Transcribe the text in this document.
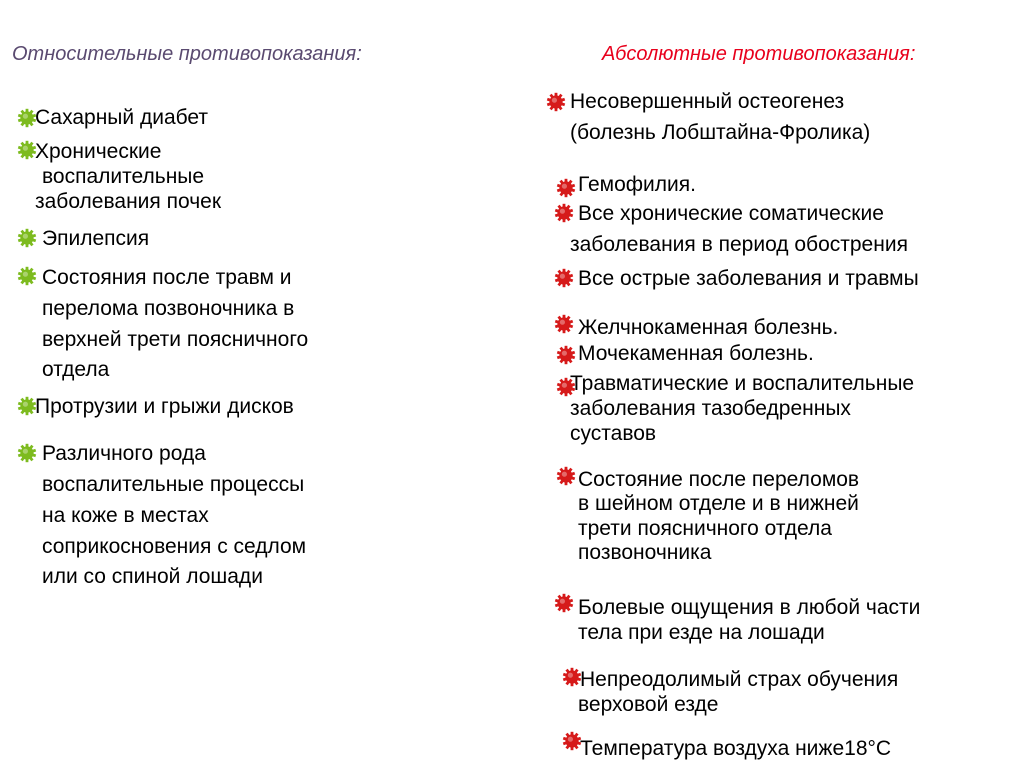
Относительные противопоказания:	Абсолютные противопоказания:
Сахарный диабет
Хронические
воспалительные
заболевания почек
Эпилепсия
Состояния после травм и
перелома позвоночника в
верхней трети поясничного
отдела
Протрузии и грыжи дисков
Различного рода
воспалительные процессы
на коже в местах
соприкосновения с седлом
или со спиной лошади
Несовершенный остеогенез
(болезнь Лобштайна-Фролика)
Гемофилия.
Все хронические соматические
заболевания в период обострения
Все острые заболевания и травмы
Желчнокаменная болезнь.
Мочекаменная болезнь.
Травматические и воспалительные
заболевания тазобедренных
суставов
Состояние после переломов
в шейном отделе и в нижней
трети поясничного отдела
позвоночника
Болевые ощущения в любой части
тела при езде на лошади
Непреодолимый страх обучения
верховой езде
Температура воздуха ниже18°С
